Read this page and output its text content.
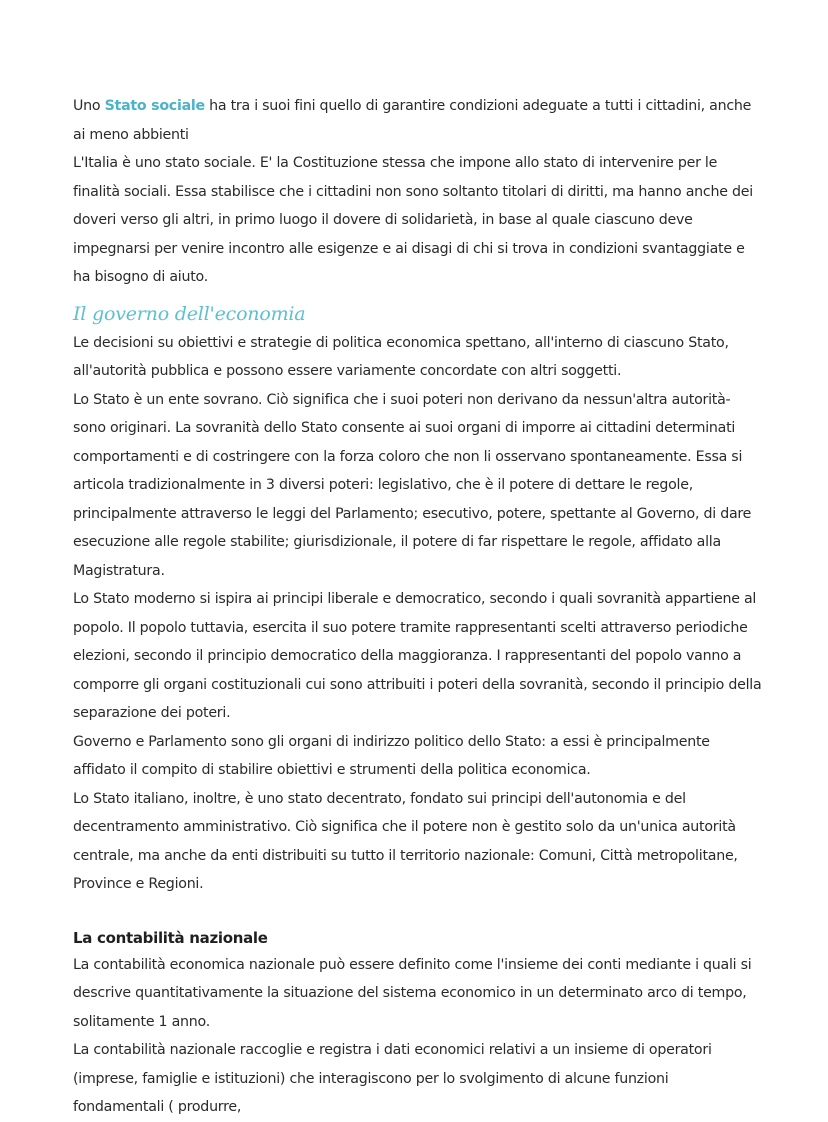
Uno Stato sociale ha tra i suoi fini quello di garantire condizioni adeguate a tutti i cittadini, anche ai meno abbienti

L'Italia è uno stato sociale. E' la Costituzione stessa che impone allo stato di intervenire per le finalità sociali. Essa stabilisce che i cittadini non sono soltanto titolari di diritti, ma hanno anche dei doveri verso gli altri, in primo luogo il dovere di solidarietà, in base al quale ciascuno deve impegnarsi per venire incontro alle esigenze e ai disagi di chi si trova in condizioni svantaggiate e ha bisogno di aiuto.

Il governo dell'economia

Le decisioni su obiettivi e strategie di politica economica spettano, all'interno di ciascuno Stato, all'autorità pubblica e possono essere variamente concordate con altri soggetti.

Lo Stato è un ente sovrano. Ciò significa che i suoi poteri non derivano da nessun'altra autorità- sono originari. La sovranità dello Stato consente ai suoi organi di imporre ai cittadini determinati comportamenti e di costringere con la forza coloro che non li osservano spontaneamente. Essa si articola tradizionalmente in 3 diversi poteri: legislativo, che è il potere di dettare le regole, principalmente attraverso le leggi del Parlamento; esecutivo, potere, spettante al Governo, di dare esecuzione alle regole stabilite; giurisdizionale, il potere di far rispettare le regole, affidato alla Magistratura.

Lo Stato moderno si ispira ai principi liberale e democratico, secondo i quali sovranità appartiene al popolo. Il popolo tuttavia, esercita il suo potere tramite rappresentanti scelti attraverso periodiche elezioni, secondo il principio democratico della maggioranza. I rappresentanti del popolo vanno a comporre gli organi costituzionali cui sono attribuiti i poteri della sovranità, secondo il principio della separazione dei poteri.

Governo e Parlamento sono gli organi di indirizzo politico dello Stato: a essi è principalmente affidato il compito di stabilire obiettivi e strumenti della politica economica.

Lo Stato italiano, inoltre, è uno stato decentrato, fondato sui principi dell'autonomia e del decentramento amministrativo. Ciò significa che il potere non è gestito solo da un'unica autorità centrale, ma anche da enti distribuiti su tutto il territorio nazionale: Comuni, Città metropolitane, Province e Regioni.

La contabilità nazionale

La contabilità economica nazionale può essere definito come l'insieme dei conti mediante i quali si descrive quantitativamente la situazione del sistema economico in un determinato arco di tempo, solitamente 1 anno.

La contabilità nazionale raccoglie e registra i dati economici relativi a un insieme di operatori (imprese, famiglie e istituzioni) che interagiscono per lo svolgimento di alcune funzioni fondamentali ( produrre,
